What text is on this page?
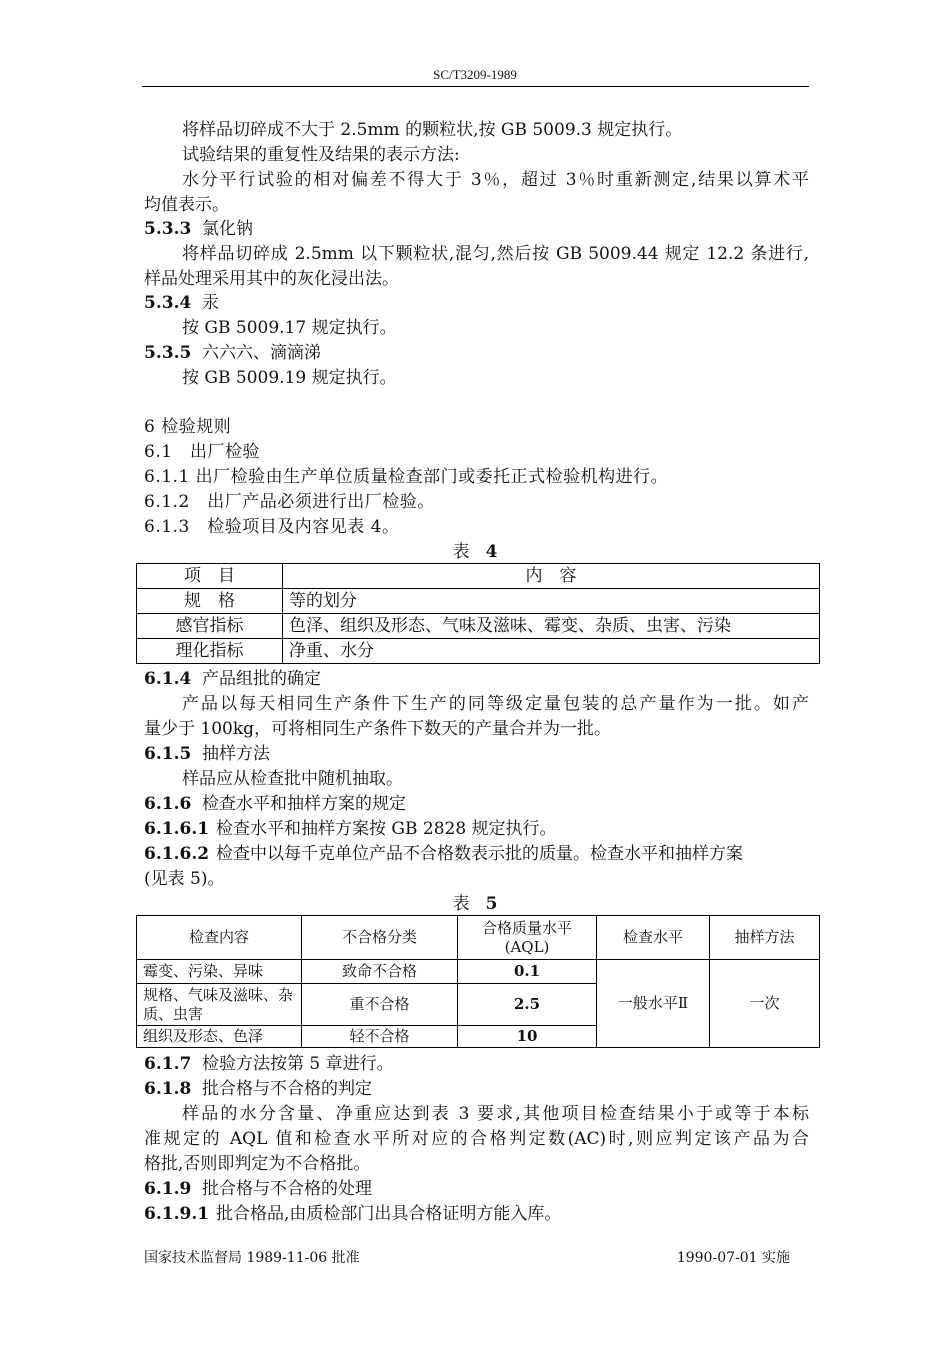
SC/T3209-1989
将样品切碎成不大于 2.5mm 的颗粒状,按 GB 5009.3 规定执行。
试验结果的重复性及结果的表示方法:
水分平行试验的相对偏差不得大于 3％，超过 3％时重新测定,结果以算术平
均值表示。
5.3.3 氯化钠
将样品切碎成 2.5mm 以下颗粒状,混匀,然后按 GB 5009.44 规定 12.2 条进行,
样品处理采用其中的灰化浸出法。
5.3.4 汞
按 GB 5009.17 规定执行。
5.3.5 六六六、滴滴涕
按 GB 5009.19 规定执行。
6 检验规则
6.1　出厂检验
6.1.1 出厂检验由生产单位质量检查部门或委托正式检验机构进行。
6.1.2　出厂产品必须进行出厂检验。
6.1.3　检验项目及内容见表 4。
表 4
项　目	内　容
规　格	等的划分
感官指标	色泽、组织及形态、气味及滋味、霉变、杂质、虫害、污染
理化指标	净重、水分
6.1.4 产品组批的确定
产品以每天相同生产条件下生产的同等级定量包装的总产量作为一批。如产
量少于 100kg，可将相同生产条件下数天的产量合并为一批。
6.1.5 抽样方法
样品应从检查批中随机抽取。
6.1.6 检查水平和抽样方案的规定
6.1.6.1 检查水平和抽样方案按 GB 2828 规定执行。
6.1.6.2 检查中以每千克单位产品不合格数表示批的质量。检查水平和抽样方案
(见表 5)。
表 5
检查内容	不合格分类	合格质量水平(AQL)	检查水平	抽样方法
霉变、污染、异味	致命不合格	0.1	一般水平Ⅱ	一次
规格、气味及滋味、杂质、虫害	重不合格	2.5		
组织及形态、色泽	轻不合格	10		
6.1.7 检验方法按第 5 章进行。
6.1.8 批合格与不合格的判定
样品的水分含量、净重应达到表 3 要求,其他项目检查结果小于或等于本标
准规定的 AQL 值和检查水平所对应的合格判定数(AC)时,则应判定该产品为合
格批,否则即判定为不合格批。
6.1.9 批合格与不合格的处理
6.1.9.1 批合格品,由质检部门出具合格证明方能入库。
国家技术监督局 1989-11-06 批准	1990-07-01 实施
